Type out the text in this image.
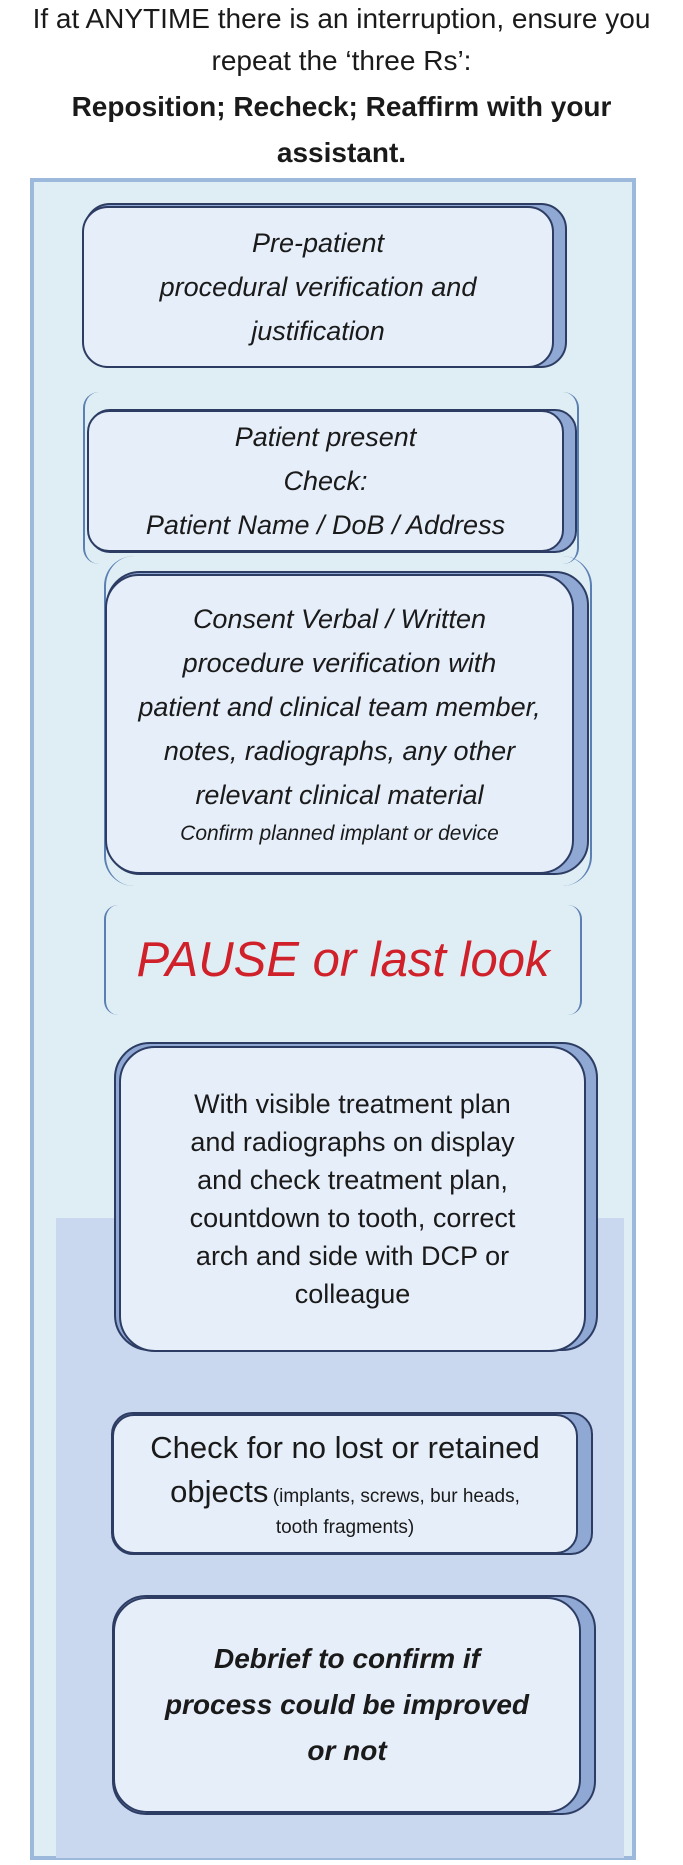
If at ANYTIME there is an interruption, ensure you
repeat the ‘three Rs’:
Reposition; Recheck; Reaffirm with your
assistant.
Pre-patient
procedural verification and
justification
Patient present
Check:
Patient Name / DoB / Address
Consent Verbal / Written
procedure verification with
patient and clinical team member,
notes, radiographs, any other
relevant clinical material
Confirm planned implant or device
PAUSE or last look
With visible treatment plan
and radiographs on display
and check treatment plan,
countdown to tooth, correct
arch and side with DCP or
colleague
Check for no lost or retained
objects (implants, screws, bur heads,
tooth fragments)
Debrief to confirm if
process could be improved
or not
